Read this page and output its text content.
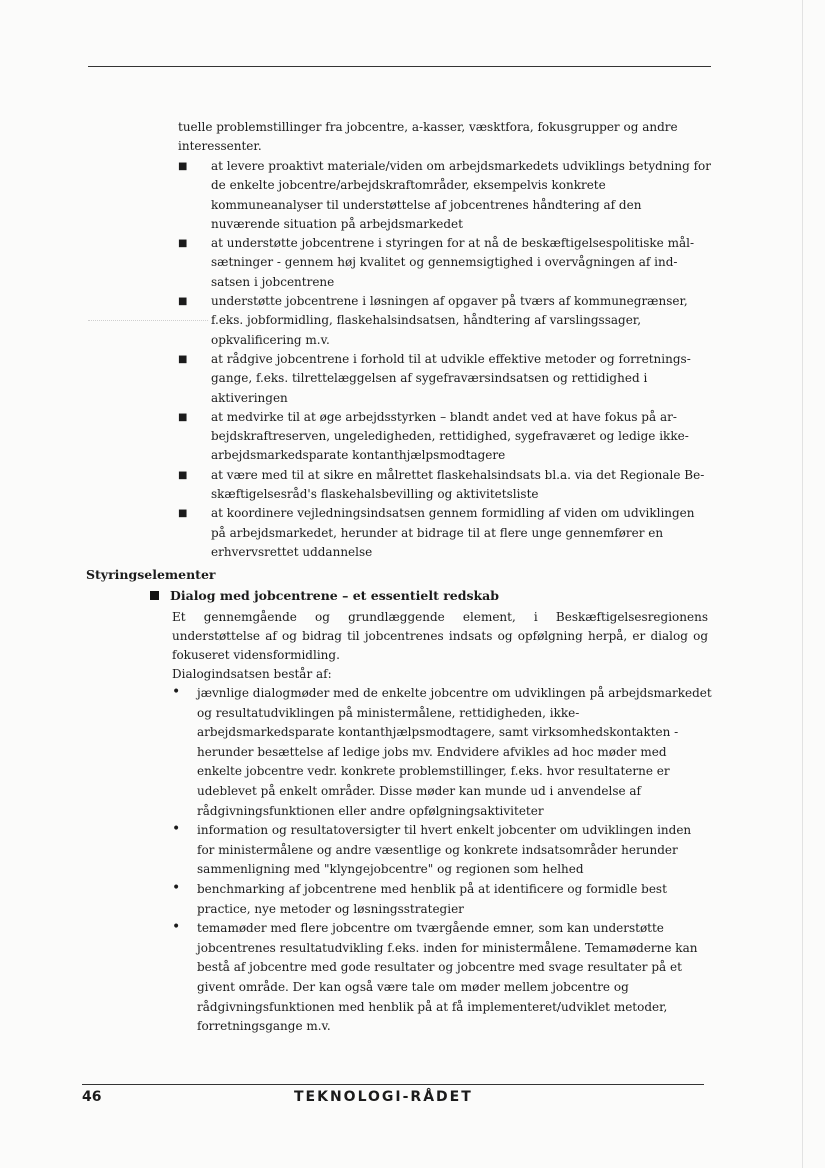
tuelle problemstillinger fra jobcentre, a-kasser, væsktfora, fokusgrupper og andre interessenter.

■ at levere proaktivt materiale/viden om arbejdsmarkedets udviklings betydning for de enkelte jobcentre/arbejdskraftområder, eksempelvis konkrete kommuneanalyser til understøttelse af jobcentrenes håndtering af den nuværende situation på arbejdsmarkedet
■ at understøtte jobcentrene i styringen for at nå de beskæftigelsespolitiske målsætninger - gennem høj kvalitet og gennemsigtighed i overvågningen af ind-satsen i jobcentrene
■ understøtte jobcentrene i løsningen af opgaver på tværs af kommunegrænser, f.eks. jobformidling, flaskehalsindsatsen, håndtering af varslingssager, opkvalificering m.v.
■ at rådgive jobcentrene i forhold til at udvikle effektive metoder og forretningsgange, f.eks. tilrettelæggelsen af sygefraværsindsatsen og rettidighed i aktiveringen
■ at medvirke til at øge arbejdsstyrken – blandt andet ved at have fokus på arbejdskraftreserven, ungeledigheden, rettidighed, sygefraværet og ledige ikke-arbejdsmarkedsparate kontanthjælpsmodtagere
■ at være med til at sikre en målrettet flaskehalsindsats bl.a. via det Regionale Beskæftigelsesråd's flaskehalsbevilling og aktivitetsliste
■ at koordinere vejledningsindsatsen gennem formidling af viden om udviklingen på arbejdsmarkedet, herunder at bidrage til at flere unge gennemfører en erhvervsrettet uddannelse
Styringselementer
Dialog med jobcentrene – et essentielt redskab

Et gennemgående og grundlæggende element, i Beskæftigelsesregionens understøttelse af og bidrag til jobcentrenes indsats og opfølgning herpå, er dialog og fokuseret vidensformidling.

Dialogindsatsen består af:

• jævnlige dialogmøder med de enkelte jobcentre om udviklingen på arbejdsmarkedet og resultatudviklingen på ministermålene, rettidigheden, ikke-arbejdsmarkedsparate kontanthjælpsmodtagere, samt virksomhedskontakten - herunder besættelse af ledige jobs mv. Endvidere afvikles ad hoc møder med enkelte jobcentre vedr. konkrete problemstillinger, f.eks. hvor resultaterne er udeblevet på enkelt områder. Disse møder kan munde ud i anvendelse af rådgivningsfunktionen eller andre opfølgningsaktiviteter
• information og resultatoversigter til hvert enkelt jobcenter om udviklingen inden for ministermålene og andre væsentlige og konkrete indsatsområder herunder sammenligning med "klyngejobcentre" og regionen som helhed
• benchmarking af jobcentrene med henblik på at identificere og formidle best practice, nye metoder og løsningsstrategier
• temamøder med flere jobcentre om tværgående emner, som kan understøtte jobcentrenes resultatudvikling f.eks. inden for ministermålene. Temamøderne kan bestå af jobcentre med gode resultater og jobcentre med svage resultater på et givent område. Der kan også være tale om møder mellem jobcentre og rådgivningsfunktionen med henblik på at få implementeret/udviklet metoder, forretningsgange m.v.

46	TEKNOLOGI-RÅDET
